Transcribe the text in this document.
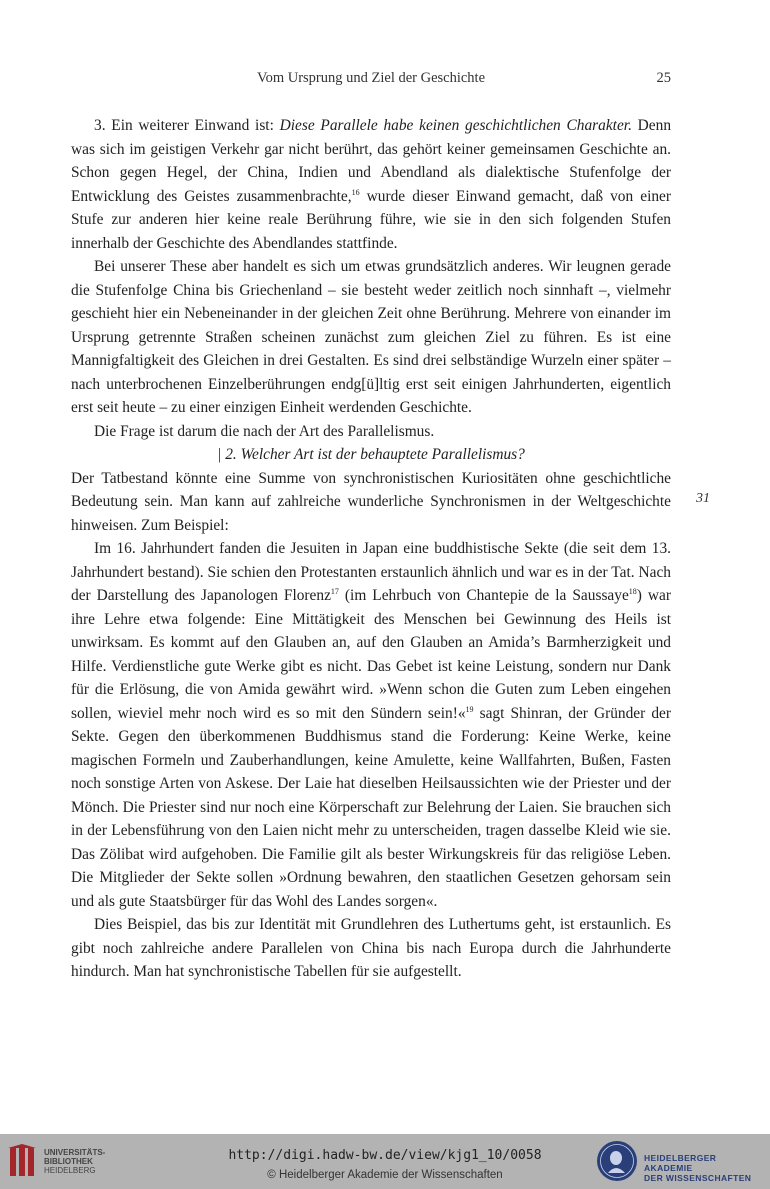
Vom Ursprung und Ziel der Geschichte	25

3. Ein weiterer Einwand ist: Diese Parallele habe keinen geschichtlichen Charakter. Denn was sich im geistigen Verkehr gar nicht berührt, das gehört keiner gemeinsamen Geschichte an. Schon gegen Hegel, der China, Indien und Abendland als dialektische Stufenfolge der Entwicklung des Geistes zusammenbrachte,$^{16}$ wurde dieser Einwand gemacht, daß von einer Stufe zur anderen hier keine reale Berührung führe, wie sie in den sich folgenden Stufen innerhalb der Geschichte des Abendlandes stattfinde.

Bei unserer These aber handelt es sich um etwas grundsätzlich anderes. Wir leugnen gerade die Stufenfolge China bis Griechenland – sie besteht weder zeitlich noch sinnhaft –, vielmehr geschieht hier ein Nebeneinander in der gleichen Zeit ohne Berührung. Mehrere von einander im Ursprung getrennte Straßen scheinen zunächst zum gleichen Ziel zu führen. Es ist eine Mannigfaltigkeit des Gleichen in drei Gestalten. Es sind drei selbständige Wurzeln einer später – nach unterbrochenen Einzelberührungen endg[ü]ltig erst seit einigen Jahrhunderten, eigentlich erst seit heute – zu einer einzigen Einheit werdenden Geschichte.

Die Frage ist darum die nach der Art des Parallelismus.

| 2. Welcher Art ist der behauptete Parallelismus?

Der Tatbestand könnte eine Summe von synchronistischen Kuriositäten ohne geschichtliche Bedeutung sein. Man kann auf zahlreiche wunderliche Synchronismen in der Weltgeschichte hinweisen. Zum Beispiel:

Im 16. Jahrhundert fanden die Jesuiten in Japan eine buddhistische Sekte (die seit dem 13. Jahrhundert bestand). Sie schien den Protestanten erstaunlich ähnlich und war es in der Tat. Nach der Darstellung des Japanologen Florenz$^{17}$ (im Lehrbuch von Chantepie de la Saussaye$^{18}$) war ihre Lehre etwa folgende: Eine Mittätigkeit des Menschen bei Gewinnung des Heils ist unwirksam. Es kommt auf den Glauben an, auf den Glauben an Amida’s Barmherzigkeit und Hilfe. Verdienstliche gute Werke gibt es nicht. Das Gebet ist keine Leistung, sondern nur Dank für die Erlösung, die von Amida gewährt wird. »Wenn schon die Guten zum Leben eingehen sollen, wieviel mehr noch wird es so mit den Sündern sein!«$^{19}$ sagt Shinran, der Gründer der Sekte. Gegen den überkommenen Buddhismus stand die Forderung: Keine Werke, keine magischen Formeln und Zauberhandlungen, keine Amulette, keine Wallfahrten, Bußen, Fasten noch sonstige Arten von Askese. Der Laie hat dieselben Heilsaussichten wie der Priester und der Mönch. Die Priester sind nur noch eine Körperschaft zur Belehrung der Laien. Sie brauchen sich in der Lebensführung von den Laien nicht mehr zu unterscheiden, tragen dasselbe Kleid wie sie. Das Zölibat wird aufgehoben. Die Familie gilt als bester Wirkungskreis für das religiöse Leben. Die Mitglieder der Sekte sollen »Ordnung bewahren, den staatlichen Gesetzen gehorsam sein und als gute Staatsbürger für das Wohl des Landes sorgen«.

Dies Beispiel, das bis zur Identität mit Grundlehren des Luthertums geht, ist erstaunlich. Es gibt noch zahlreiche andere Parallelen von China bis nach Europa durch die Jahrhunderte hindurch. Man hat synchronistische Tabellen für sie aufgestellt.

31
UNIVERSITÄTS-
BIBLIOTHEK
HEIDELBERG
http://digi.hadw-bw.de/view/kjg1_10/0058
© Heidelberger Akademie der Wissenschaften
HEIDELBERGER AKADEMIE
DER WISSENSCHAFTEN
